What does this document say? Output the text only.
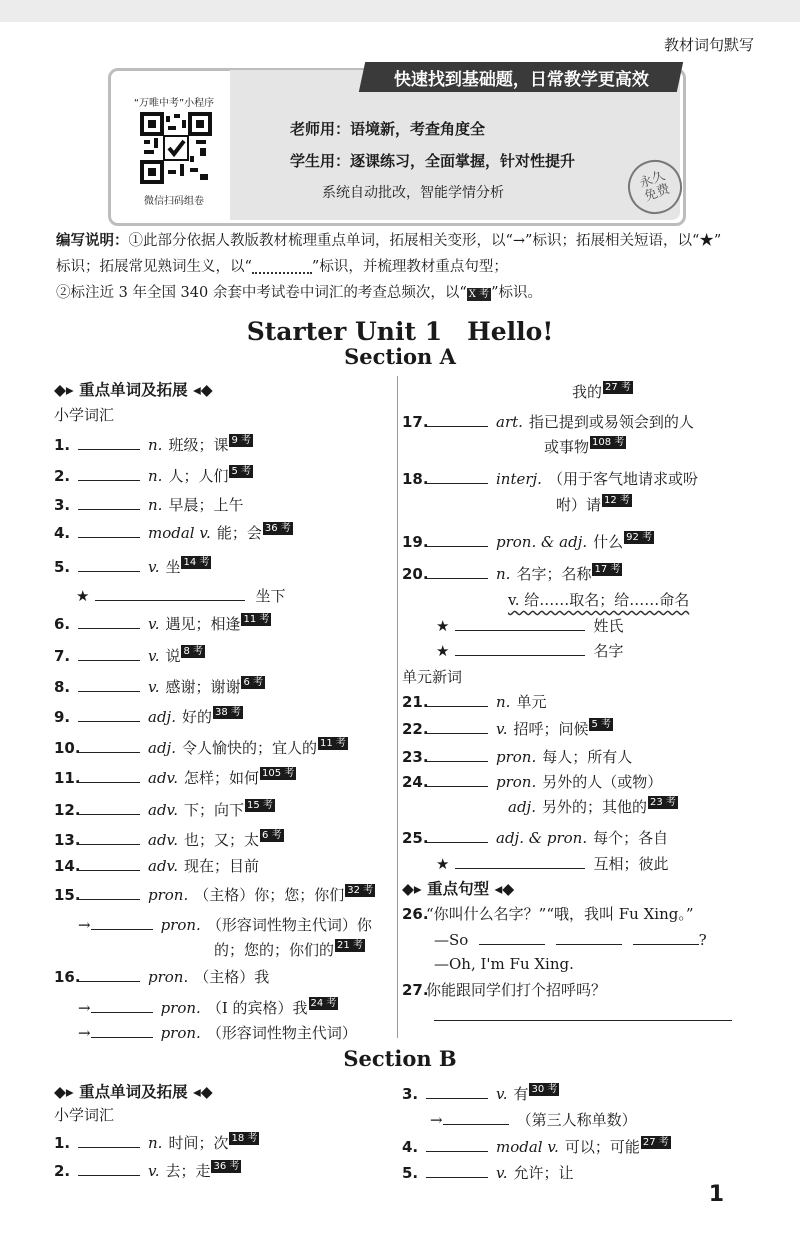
教材词句默写
快速找到基础题，日常教学更高效
“万唯中考”小程序
微信扫码组卷
老师用：语境新，考查角度全
学生用：逐课练习，全面掌握，针对性提升
系统自动批改，智能学情分析
永久免费
编写说明：①此部分依据人教版教材梳理重点单词，拓展相关变形，以“→”标识；拓展相关短语，以“★”
标识；拓展常见熟词生义，以“	”标识，并梳理教材重点句型；
②标注近 3 年全国 340 余套中考试卷中词汇的考查总频次，以“ X 考 ”标识。
Starter Unit 1　Hello!
Section A
◆▸ 重点单词及拓展 ◂◆
小学词汇
1.	n. 班级；课 9 考
2.	n. 人；人们 5 考
3.	n. 早晨；上午
4.	modal v. 能；会 36 考
5.	v. 坐 14 考
6.	v. 遇见；相逢 11 考
7.	v. 说 8 考
8.	v. 感谢；谢谢 6 考
9.	adj. 好的 38 考
10.	adj. 令人愉快的；宜人的 11 考
11.	adv. 怎样；如何 105 考
12.	adv. 下；向下 15 考
13.	adv. 也；又；太 6 考
14.	adv. 现在；目前
15.	pron. （主格）你；您；你们 32 考
16.	pron. （主格）我
★	坐下
→	pron. （形容词性物主代词）你
的；您的；你们的 21 考
→	pron. （I 的宾格）我 24 考
→	pron. （形容词性物主代词）
我的 27 考
17.	art. 指已提到或易领会到的人
或事物 108 考
18.	interj. （用于客气地请求或吩
咐）请 12 考
19.	pron. & adj. 什么 92 考
20.	n. 名字；名称 17 考
v. 给……取名；给……命名
★	姓氏
★	名字
单元新词
21.	n. 单元
22.	v. 招呼；问候 5 考
23.	pron. 每人；所有人
24.	pron. 另外的人（或物）
adj. 另外的；其他的 23 考
25.	adj. & pron. 每个；各自
★	互相；彼此
◆▸ 重点句型 ◂◆
26.“你叫什么名字？”“哦，我叫 Fu Xing。”
—So	?
—Oh, I'm Fu Xing.
27.你能跟同学们打个招呼吗？
Section B
◆▸ 重点单词及拓展 ◂◆
小学词汇
1.	n. 时间；次 18 考
2.	v. 去；走 36 考
3.	v. 有 30 考
→	（第三人称单数）
4.	modal v. 可以；可能 27 考
5.	v. 允许；让
1
